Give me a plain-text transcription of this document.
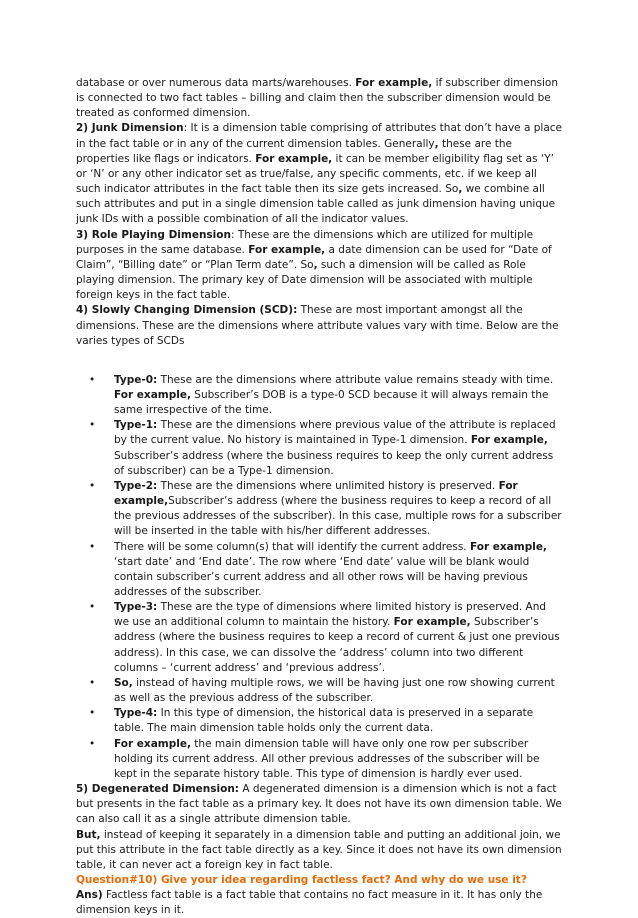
database or over numerous data marts/warehouses. For example, if subscriber dimension is connected to two fact tables – billing and claim then the subscriber dimension would be treated as conformed dimension.

2) Junk Dimension: It is a dimension table comprising of attributes that don’t have a place in the fact table or in any of the current dimension tables. Generally, these are the properties like flags or indicators. For example, it can be member eligibility flag set as ‘Y’ or ‘N’ or any other indicator set as true/false, any specific comments, etc. if we keep all such indicator attributes in the fact table then its size gets increased. So, we combine all such attributes and put in a single dimension table called as junk dimension having unique junk IDs with a possible combination of all the indicator values.

3) Role Playing Dimension: These are the dimensions which are utilized for multiple purposes in the same database. For example, a date dimension can be used for “Date of Claim”, “Billing date” or “Plan Term date”. So, such a dimension will be called as Role playing dimension. The primary key of Date dimension will be associated with multiple foreign keys in the fact table.

4) Slowly Changing Dimension (SCD): These are most important amongst all the dimensions. These are the dimensions where attribute values vary with time. Below are the varies types of SCDs

• Type-0: These are the dimensions where attribute value remains steady with time. For example, Subscriber’s DOB is a type-0 SCD because it will always remain the same irrespective of the time.
• Type-1: These are the dimensions where previous value of the attribute is replaced by the current value. No history is maintained in Type-1 dimension. For example, Subscriber’s address (where the business requires to keep the only current address of subscriber) can be a Type-1 dimension.
• Type-2: These are the dimensions where unlimited history is preserved. For example,Subscriber’s address (where the business requires to keep a record of all the previous addresses of the subscriber). In this case, multiple rows for a subscriber will be inserted in the table with his/her different addresses.
• There will be some column(s) that will identify the current address. For example, ‘start date’ and ‘End date’. The row where ‘End date’ value will be blank would contain subscriber’s current address and all other rows will be having previous addresses of the subscriber.
• Type-3: These are the type of dimensions where limited history is preserved. And we use an additional column to maintain the history. For example, Subscriber’s address (where the business requires to keep a record of current & just one previous address). In this case, we can dissolve the ‘address’ column into two different columns – ‘current address’ and ‘previous address’.
• So, instead of having multiple rows, we will be having just one row showing current as well as the previous address of the subscriber.
• Type-4: In this type of dimension, the historical data is preserved in a separate table. The main dimension table holds only the current data.
• For example, the main dimension table will have only one row per subscriber holding its current address. All other previous addresses of the subscriber will be kept in the separate history table. This type of dimension is hardly ever used.

5) Degenerated Dimension: A degenerated dimension is a dimension which is not a fact but presents in the fact table as a primary key. It does not have its own dimension table. We can also call it as a single attribute dimension table.

But, instead of keeping it separately in a dimension table and putting an additional join, we put this attribute in the fact table directly as a key. Since it does not have its own dimension table, it can never act a foreign key in fact table.

Question#10) Give your idea regarding factless fact? And why do we use it?

Ans) Factless fact table is a fact table that contains no fact measure in it. It has only the dimension keys in it.
